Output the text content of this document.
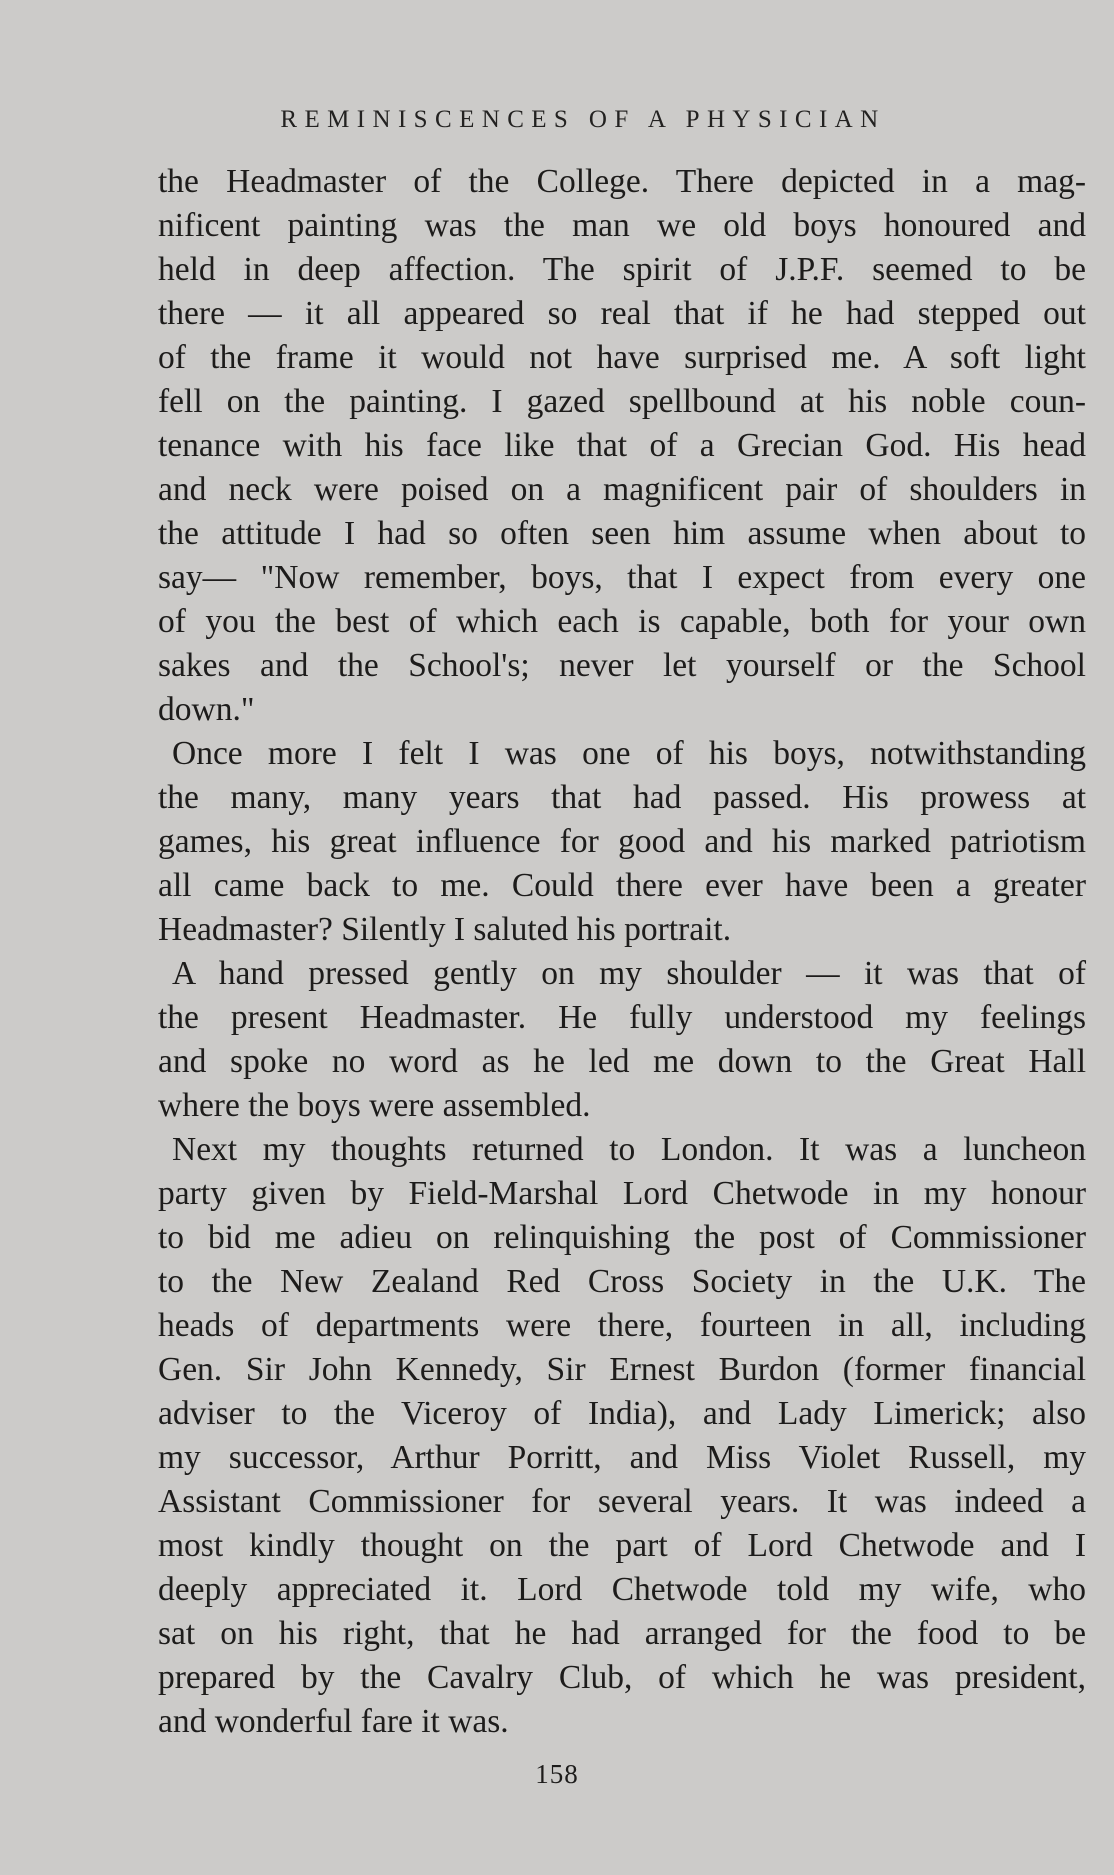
REMINISCENCES OF A PHYSICIAN
the Headmaster of the College. There depicted in a mag-
nificent painting was the man we old boys honoured and
held in deep affection. The spirit of J.P.F. seemed to be
there — it all appeared so real that if he had stepped out
of the frame it would not have surprised me. A soft light
fell on the painting. I gazed spellbound at his noble coun-
tenance with his face like that of a Grecian God. His head
and neck were poised on a magnificent pair of shoulders in
the attitude I had so often seen him assume when about to
say— "Now remember, boys, that I expect from every one
of you the best of which each is capable, both for your own
sakes and the School's; never let yourself or the School
down."
Once more I felt I was one of his boys, notwithstanding
the many, many years that had passed. His prowess at
games, his great influence for good and his marked patriotism
all came back to me. Could there ever have been a greater
Headmaster? Silently I saluted his portrait.
A hand pressed gently on my shoulder — it was that of
the present Headmaster. He fully understood my feelings
and spoke no word as he led me down to the Great Hall
where the boys were assembled.
Next my thoughts returned to London. It was a luncheon
party given by Field-Marshal Lord Chetwode in my honour
to bid me adieu on relinquishing the post of Commissioner
to the New Zealand Red Cross Society in the U.K. The
heads of departments were there, fourteen in all, including
Gen. Sir John Kennedy, Sir Ernest Burdon (former financial
adviser to the Viceroy of India), and Lady Limerick; also
my successor, Arthur Porritt, and Miss Violet Russell, my
Assistant Commissioner for several years. It was indeed a
most kindly thought on the part of Lord Chetwode and I
deeply appreciated it. Lord Chetwode told my wife, who
sat on his right, that he had arranged for the food to be
prepared by the Cavalry Club, of which he was president,
and wonderful fare it was.
158
